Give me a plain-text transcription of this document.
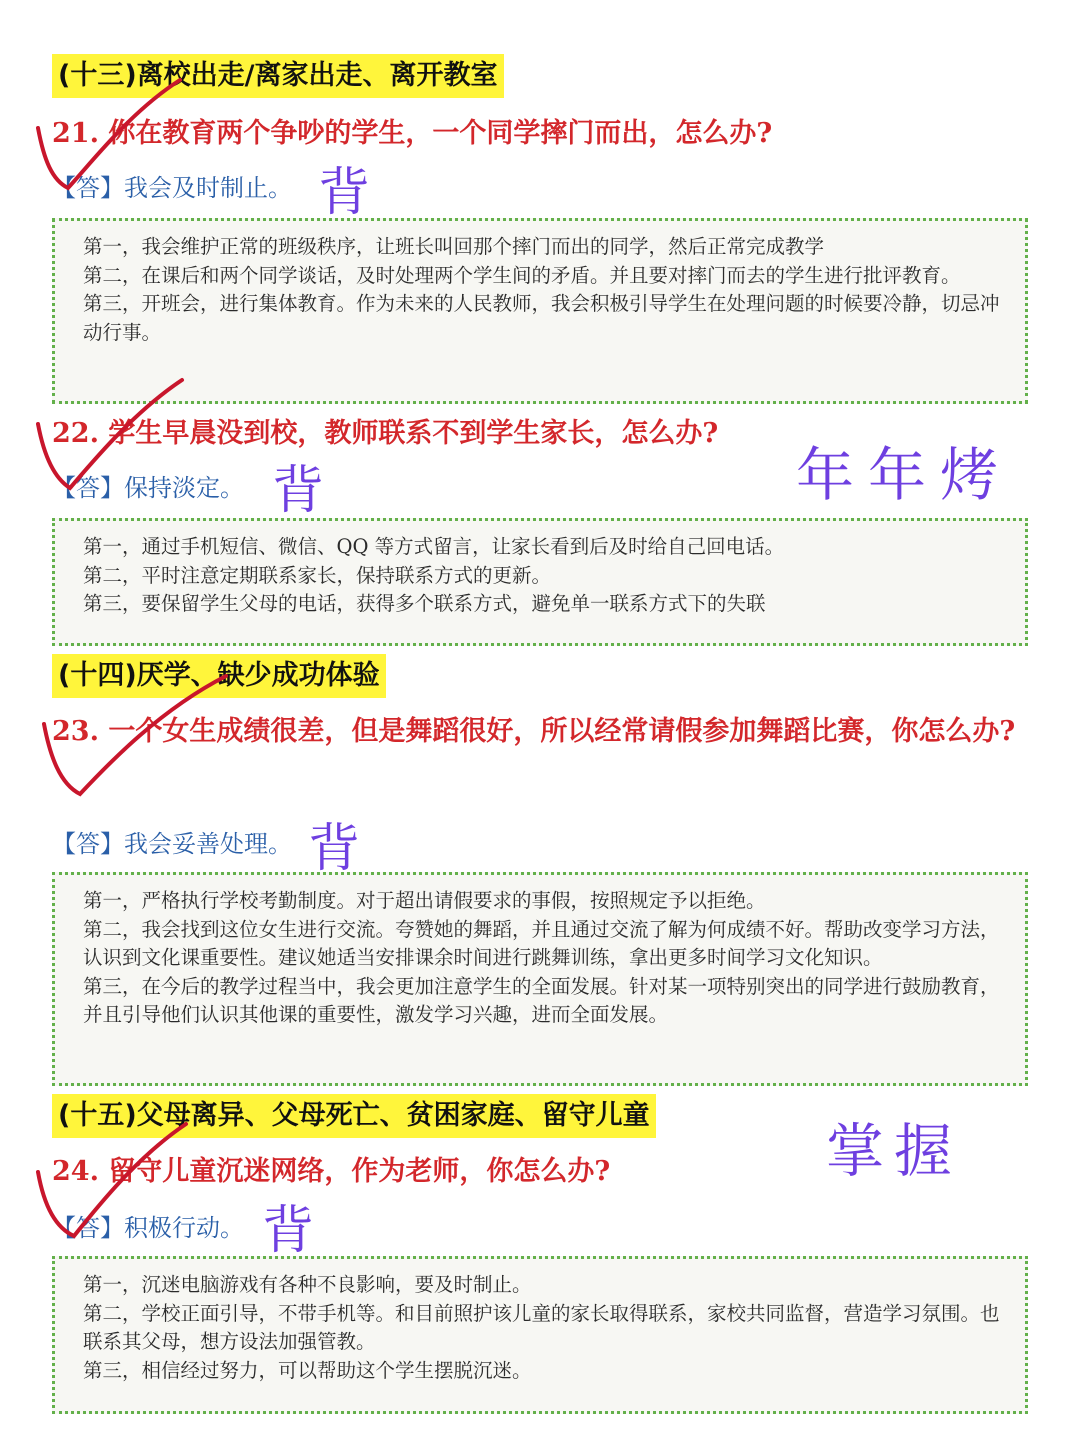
(十三)离校出走/离家出走、离开教室
21. 你在教育两个争吵的学生，一个同学摔门而出，怎么办?
【答】我会及时制止。

第一，我会维护正常的班级秩序，让班长叫回那个摔门而出的同学，然后正常完成教学

第二，在课后和两个同学谈话，及时处理两个学生间的矛盾。并且要对摔门而去的学生进行批评教育。

第三，开班会，进行集体教育。作为未来的人民教师，我会积极引导学生在处理问题的时候要冷静，切忌冲动行事。

22. 学生早晨没到校，教师联系不到学生家长，怎么办?
【答】保持淡定。

第一，通过手机短信、微信、QQ 等方式留言，让家长看到后及时给自己回电话。

第二，平时注意定期联系家长，保持联系方式的更新。

第三，要保留学生父母的电话，获得多个联系方式，避免单一联系方式下的失联

(十四)厌学、缺少成功体验
23. 一个女生成绩很差，但是舞蹈很好，所以经常请假参加舞蹈比赛，你怎么办?
【答】我会妥善处理。

第一，严格执行学校考勤制度。对于超出请假要求的事假，按照规定予以拒绝。

第二，我会找到这位女生进行交流。夸赞她的舞蹈，并且通过交流了解为何成绩不好。帮助改变学习方法，认识到文化课重要性。建议她适当安排课余时间进行跳舞训练，拿出更多时间学习文化知识。

第三，在今后的教学过程当中，我会更加注意学生的全面发展。针对某一项特别突出的同学进行鼓励教育，并且引导他们认识其他课的重要性，激发学习兴趣，进而全面发展。

(十五)父母离异、父母死亡、贫困家庭、留守儿童
24. 留守儿童沉迷网络，作为老师，你怎么办?
【答】积极行动。

第一，沉迷电脑游戏有各种不良影响，要及时制止。

第二，学校正面引导，不带手机等。和目前照护该儿童的家长取得联系，家校共同监督，营造学习氛围。也联系其父母，想方设法加强管教。

第三，相信经过努力，可以帮助这个学生摆脱沉迷。

背
背
背
背
年年烤
掌握
